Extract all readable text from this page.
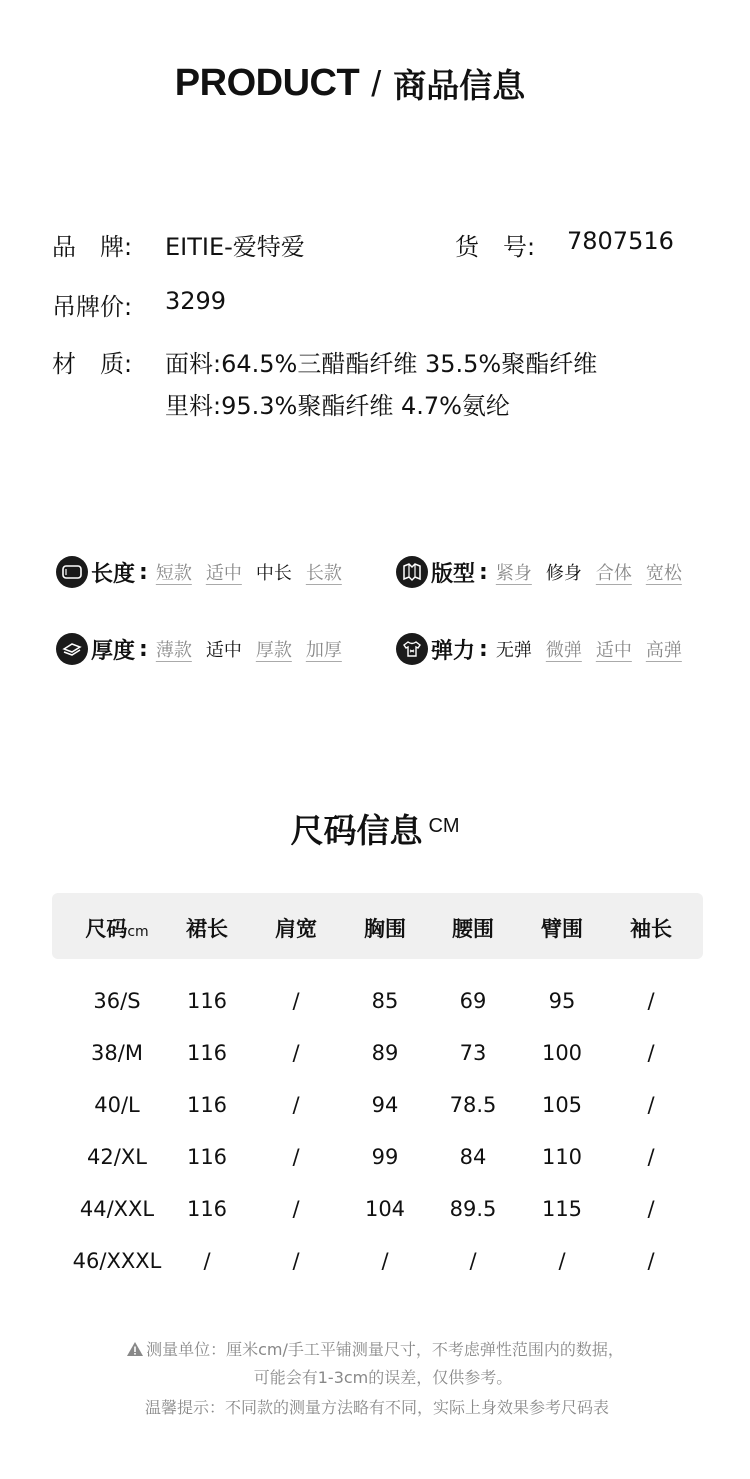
PRODUCT / 商品信息
品　牌: EITIE-爱特爱	货　号: 7807516
吊牌价: 3299
材　质: 面料:64.5%三醋酯纤维 35.5%聚酯纤维
里料:95.3%聚酯纤维 4.7%氨纶
长度 : 短款 适中 中长 长款	版型 : 紧身 修身 合体 宽松
厚度 : 薄款 适中 厚款 加厚	弹力 : 无弹 微弹 适中 高弹
尺码信息 CM
尺码cm	裙长	肩宽	胸围	腰围	臂围	袖长
36/S	116	/	85	69	95	/
38/M	116	/	89	73	100	/
40/L	116	/	94	78.5	105	/
42/XL	116	/	99	84	110	/
44/XXL	116	/	104	89.5	115	/
46/XXXL	/	/	/	/	/	/
测量单位：厘米cm/手工平铺测量尺寸，不考虑弹性范围内的数据，
可能会有1-3cm的误差，仅供参考。
温馨提示：不同款的测量方法略有不同，实际上身效果参考尺码表
